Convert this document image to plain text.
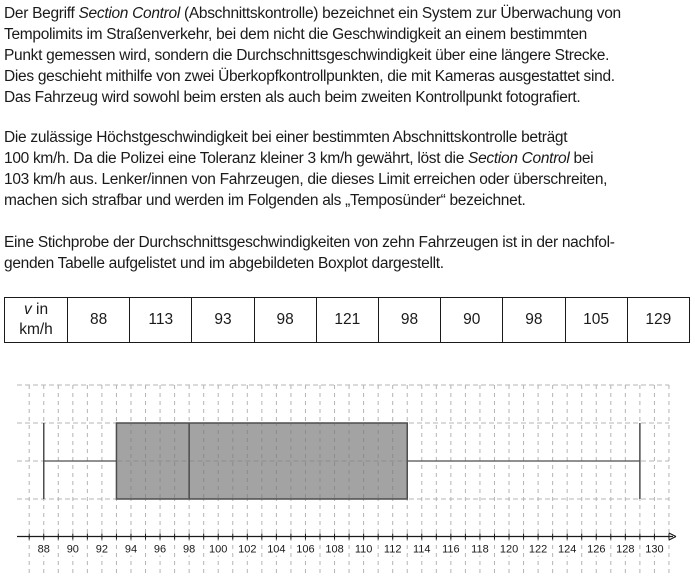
Der Begriff Section Control (Abschnittskontrolle) bezeichnet ein System zur Überwachung von
Tempolimits im Straßenverkehr, bei dem nicht die Geschwindigkeit an einem bestimmten
Punkt gemessen wird, sondern die Durchschnittsgeschwindigkeit über eine längere Strecke.
Dies geschieht mithilfe von zwei Überkopfkontrollpunkten, die mit Kameras ausgestattet sind.
Das Fahrzeug wird sowohl beim ersten als auch beim zweiten Kontrollpunkt fotografiert.
Die zulässige Höchstgeschwindigkeit bei einer bestimmten Abschnittskontrolle beträgt
100 km/h. Da die Polizei eine Toleranz kleiner 3 km/h gewährt, löst die Section Control bei
103 km/h aus. Lenker/innen von Fahrzeugen, die dieses Limit erreichen oder überschreiten,
machen sich strafbar und werden im Folgenden als „Temposünder“ bezeichnet.
Eine Stichprobe der Durchschnittsgeschwindigkeiten von zehn Fahrzeugen ist in der nachfol-
genden Tabelle aufgelistet und im abgebildeten Boxplot dargestellt.
v in
km/h	88	113	93	98	121	98	90	98	105	129
88 90 92 94 96 98 100 102 104 106 108 110 112 114 116 118 120 122 124 126 128 130
